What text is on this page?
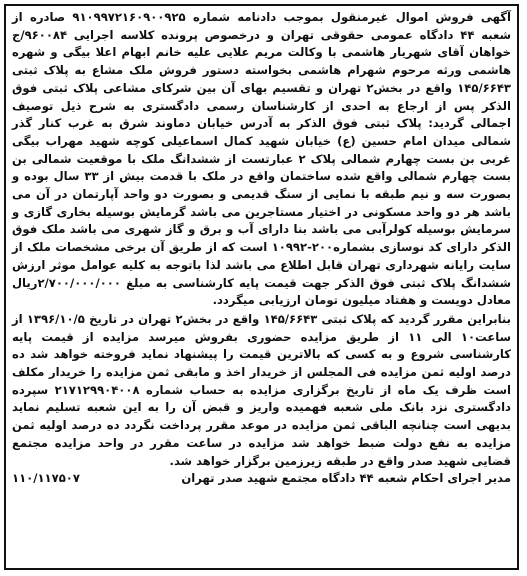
آگهی فروش اموال غیرمنقول بموجب دادنامه شماره ۹۱۰۹۹۷۲۱۶۰۹۰۰۹۲۵ صادره از شعبه ۴۴ دادگاه عمومی حقوقی تهران و درخصوص پرونده کلاسه اجرایی ۹۶۰۰۸۴/ج خواهان آقای شهریار هاشمی با وکالت مریم علایی علیه خانم ابهام اعلا بیگی و شهره هاشمی ورثه مرحوم شهرام هاشمی بخواسته دستور فروش ملک مشاع به پلاک ثبتی ۱۴۵/۶۶۴۳ واقع در بخش۲ تهران و تقسیم بهای آن بین شرکای مشاعی پلاک ثبتی فوق الذکر پس از ارجاع به احدی از کارشناسان رسمی دادگستری به شرح ذیل توصیف اجمالی گردید: پلاک ثبتی فوق الذکر به آدرس خیابان دماوند شرق به غرب کنار گذر شمالی میدان امام حسین (ع) خیابان شهید کمال اسماعیلی کوچه شهید مهراب بیگی غربی بن بست چهارم شمالی پلاک ۲ عبارتست از ششدانگ ملک با موقعیت شمالی بن بست چهارم شمالی واقع شده ساختمان واقع در ملک با قدمت بیش از ۳۳ سال بوده و بصورت سه و نیم طبقه با نمایی از سنگ قدیمی و بصورت دو واحد آپارتمان در آن می باشد هر دو واحد مسکونی در اختیار مستاجرین می باشد گرمایش بوسیله بخاری گازی و سرمایش بوسیله کولرآبی می باشد بنا دارای آب و برق و گاز شهری می باشد ملک فوق الذکر دارای کد نوسازی بشماره۲۰۰-۱۰۹۹۲ است که از طریق آن برخی مشخصات ملک از سایت رایانه شهرداری تهران قابل اطلاع می باشد لذا باتوجه به کلیه عوامل موثر ارزش ششدانگ پلاک ثبتی فوق الذکر جهت قیمت پایه کارشناسی به مبلغ ۲/۷۰۰/۰۰۰/۰۰۰ریال معادل دویست و هفتاد میلیون تومان ارزیابی میگردد.

بنابراین مقرر گردید که پلاک ثبتی ۱۴۵/۶۶۴۳ واقع در بخش۲ تهران در تاریخ ۱۳۹۶/۱۰/۵ از ساعت۱۰ الی ۱۱ از طریق مزایده حضوری بفروش میرسد مزایده از قیمت پایه کارشناسی شروع و به کسی که بالاترین قیمت را پیشنهاد نماید فروخته خواهد شد ده درصد اولیه ثمن مزایده فی المجلس از خریدار اخذ و مابقی ثمن مزایده را خریدار مکلف است ظرف یک ماه از تاریخ برگزاری مزایده به حساب شماره ۲۱۷۱۲۹۹۰۴۰۰۸ سپرده دادگستری نزد بانک ملی شعبه فهمیده واریز و قبض آن را به این شعبه تسلیم نماید بدیهی است چنانچه الباقی ثمن مزایده در موعد مقرر پرداخت نگردد ده درصد اولیه ثمن مزایده به نفع دولت ضبط خواهد شد مزایده در ساعت مقرر در واحد مزایده مجتمع قضایی شهید صدر واقع در طبقه زیرزمین برگزار خواهد شد.

مدیر اجرای احکام شعبه ۴۴ دادگاه مجتمع شهید صدر تهران
۱۱۰/۱۱۷۵۰۷
